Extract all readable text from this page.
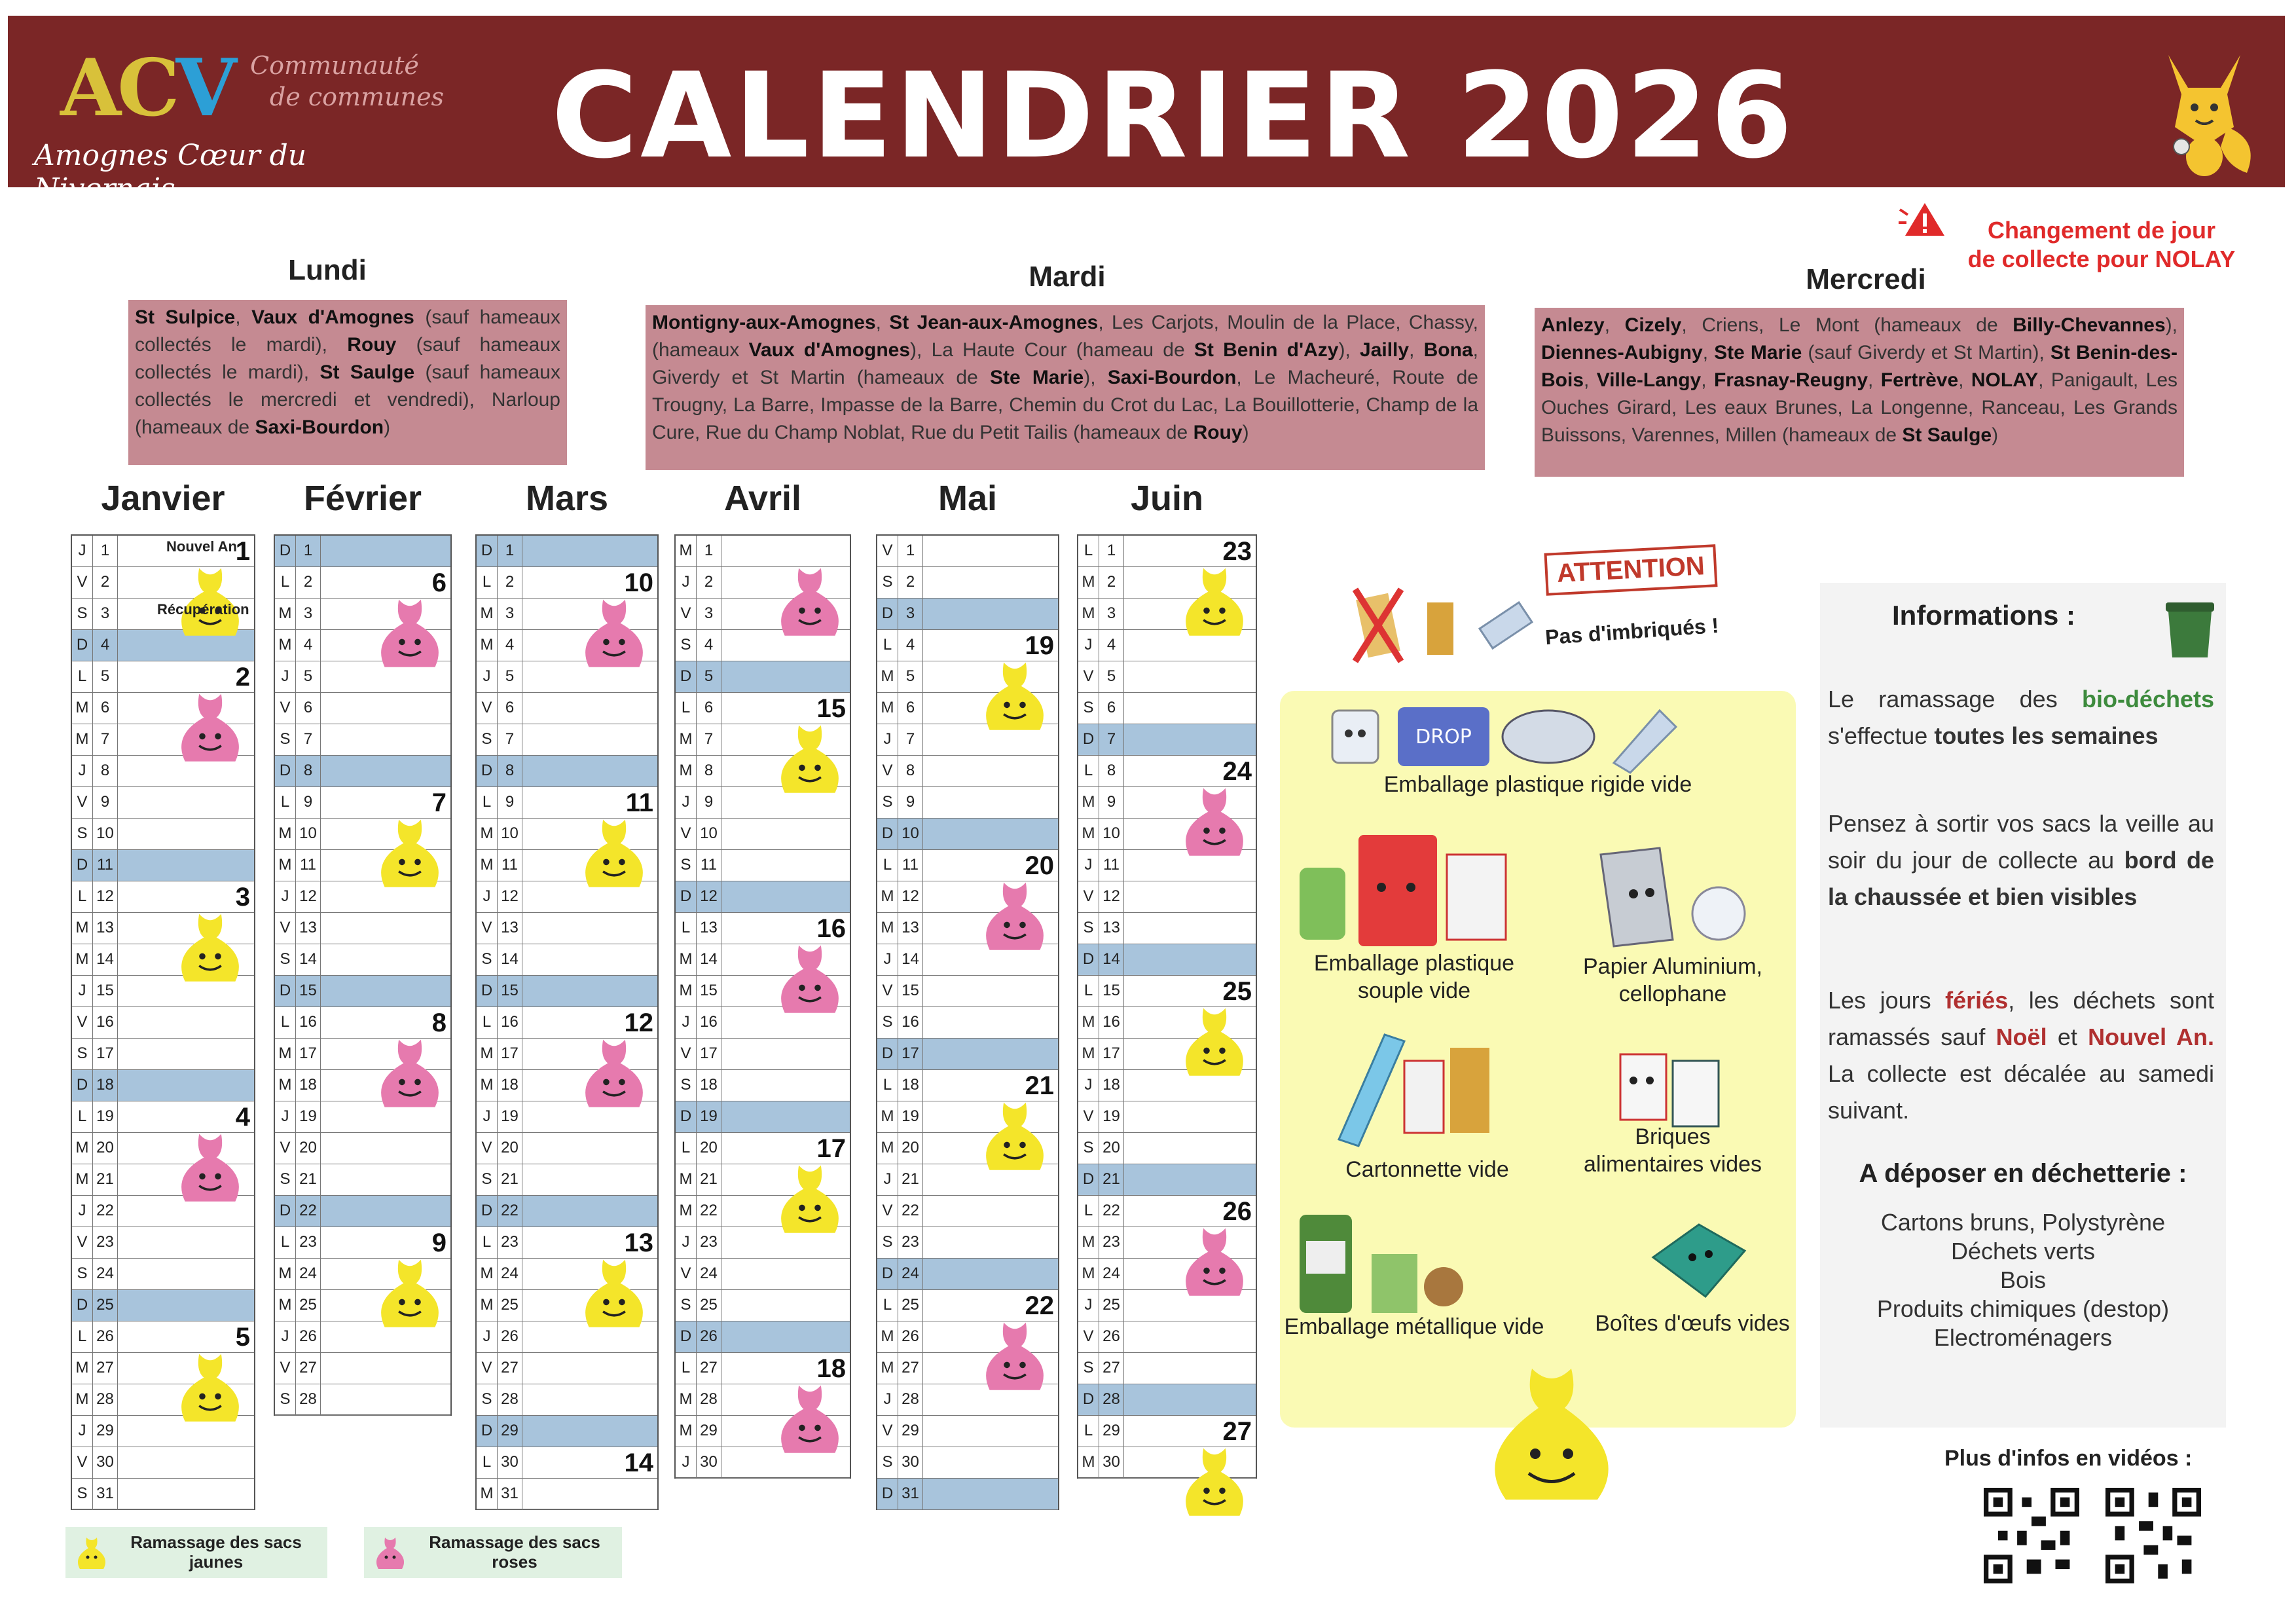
ACV Communauté
de communes
Amognes Cœur du Nivernais
CALENDRIER 2026
Changement de jour
de collecte pour NOLAY
Lundi
St Sulpice, Vaux d'Amognes (sauf hameaux collectés le mardi), Rouy (sauf hameaux collectés le mardi), St Saulge (sauf hameaux collectés le mercredi et vendredi), Narloup (hameaux de Saxi-Bourdon)
Mardi
Montigny-aux-Amognes, St Jean-aux-Amognes, Les Carjots, Moulin de la Place, Chassy, (hameaux Vaux d'Amognes), La Haute Cour (hameau de St Benin d'Azy), Jailly, Bona, Giverdy et St Martin (hameaux de Ste Marie), Saxi-Bourdon, Le Macheuré, Route de Trougny, La Barre, Impasse de la Barre, Chemin du Crot du Lac, La Bouillotterie, Champ de la Cure, Rue du Champ Noblat, Rue du Petit Tailis (hameaux de Rouy)
Mercredi
Anlezy, Cizely, Criens, Le Mont (hameaux de Billy-Chevannes), Diennes-Aubigny, Ste Marie (sauf Giverdy et St Martin), St Benin-des-Bois, Ville-Langy, Frasnay-Reugny, Fertrève, NOLAY, Panigault, Les Ouches Girard, Les eaux Brunes, La Longenne, Ranceau, Les Grands Buissons, Varennes, Millen (hameaux de St Saulge)
Janvier
J 1
V 2
S 3
D 4
L 5
M 6
M 7
J 8
V 9
S 10
D 11
L 12
M 13
M 14
J 15
V 16
S 17
D 18
L 19
M 20
M 21
J 22
V 23
S 24
D 25
L 26
M 27
M 28
J 29
V 30
S 31
1
2
3
4
5
Février
D 1
L 2
M 3
M 4
J 5
V 6
S 7
D 8
L 9
M 10
M 11
J 12
V 13
S 14
D 15
L 16
M 17
M 18
J 19
V 20
S 21
D 22
L 23
M 24
M 25
J 26
V 27
S 28
6
7
8
9
Mars
D 1
L 2
M 3
M 4
J 5
V 6
S 7
D 8
L 9
M 10
M 11
J 12
V 13
S 14
D 15
L 16
M 17
M 18
J 19
V 20
S 21
D 22
L 23
M 24
M 25
J 26
V 27
S 28
D 29
L 30
M 31
10
11
12
13
14
Avril
M 1
J 2
V 3
S 4
D 5
L 6
M 7
M 8
J 9
V 10
S 11
D 12
L 13
M 14
M 15
J 16
V 17
S 18
D 19
L 20
M 21
M 22
J 23
V 24
S 25
D 26
L 27
M 28
M 29
J 30
15
16
17
18
Mai
V 1
S 2
D 3
L 4
M 5
M 6
J 7
V 8
S 9
D 10
L 11
M 12
M 13
J 14
V 15
S 16
D 17
L 18
M 19
M 20
J 21
V 22
S 23
D 24
L 25
M 26
M 27
J 28
V 29
S 30
D 31
19
20
21
22
Juin
L 1
M 2
M 3
J 4
V 5
S 6
D 7
L 8
M 9
M 10
J 11
V 12
S 13
D 14
L 15
M 16
M 17
J 18
V 19
S 20
D 21
L 22
M 23
M 24
J 25
V 26
S 27
D 28
L 29
M 30
23
24
25
26
27
Nouvel An
Récupération
ATTENTION
Pas d'imbriqués !
DROP
Emballage plastique rigide vide
Emballage plastique souple vide
Papier Aluminium, cellophane
Cartonnette vide
Briques alimentaires vides
Emballage métallique vide Boîtes d'œufs vides
Informations :
Le ramassage des bio-déchets s'effectue toutes les semaines
Pensez à sortir vos sacs la veille au soir du jour de collecte au bord de la chaussée et bien visibles
Les jours fériés, les déchets sont ramassés sauf Noël et Nouvel An. La collecte est décalée au samedi suivant.
A déposer en déchetterie :
Cartons bruns, Polystyrène
Déchets verts
Bois
Produits chimiques (destop)
Electroménagers
Plus d'infos en vidéos :
Ramassage des sacs jaunes
Ramassage des sacs roses
